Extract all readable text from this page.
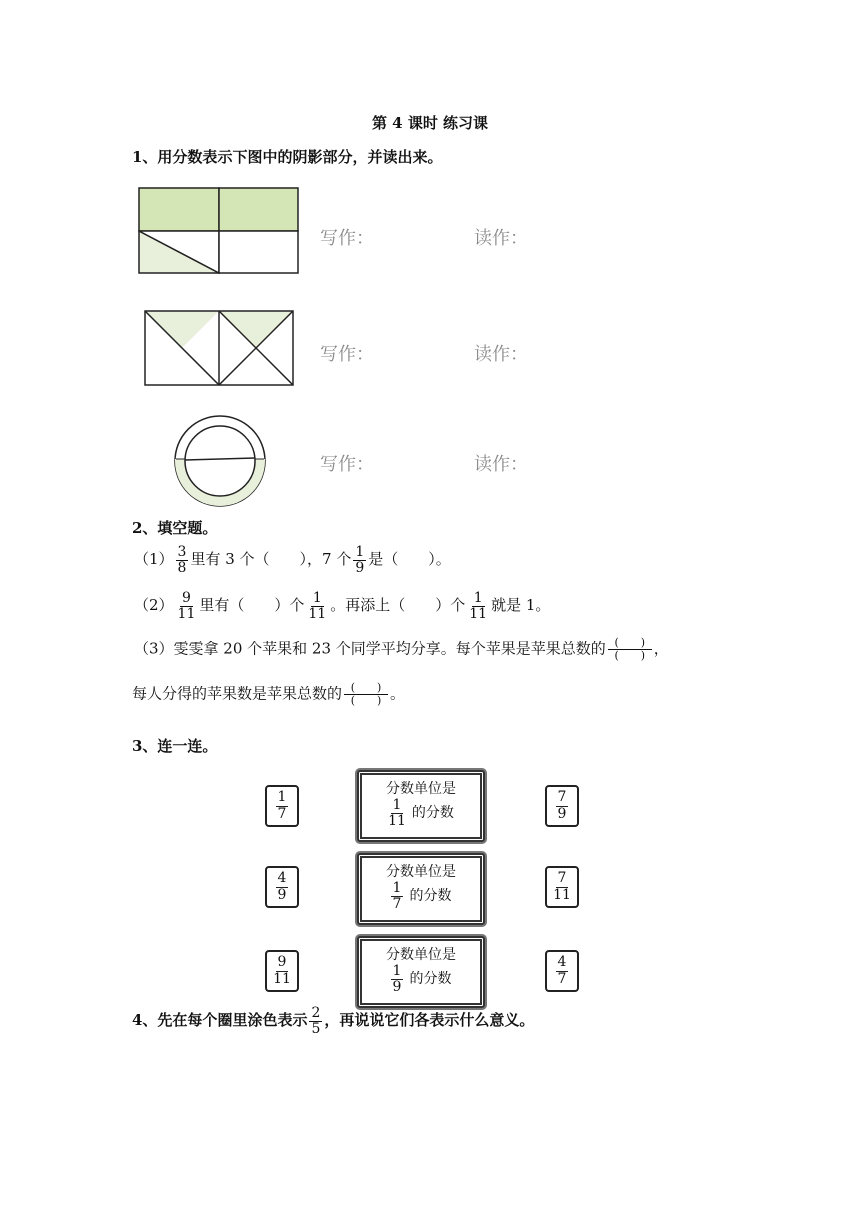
第 4 课时 练习课
1、用分数表示下图中的阴影部分，并读出来。
写作：	读作：
写作：	读作：
写作：	读作：
2、填空题。
$(1) \frac{3}{8}$ 里有 3 个（　　），7 个 $\frac{1}{9}$ 是（　　）。
$(2) \frac{9}{11}$ 里有（　　）个 $\frac{1}{11}$ 。再添上（　　）个 $\frac{1}{11}$ 就是 1。
（3）雯雯拿 20 个苹果和 23 个同学平均分享。每个苹果是苹果总数的 $\frac{( )}{( )}$ ，
每人分得的苹果数是苹果总数的 $\frac{( )}{( )}$ 。
3、连一连。
1
7
4
9
9
11
分数单位是
1
11
的分数
分数单位是
1
7
的分数
分数单位是
1
9
的分数
7
9
7
11
4
7
4、先在每个圈里涂色表示 $\frac{2}{5}$ ，再说说它们各表示什么意义。
